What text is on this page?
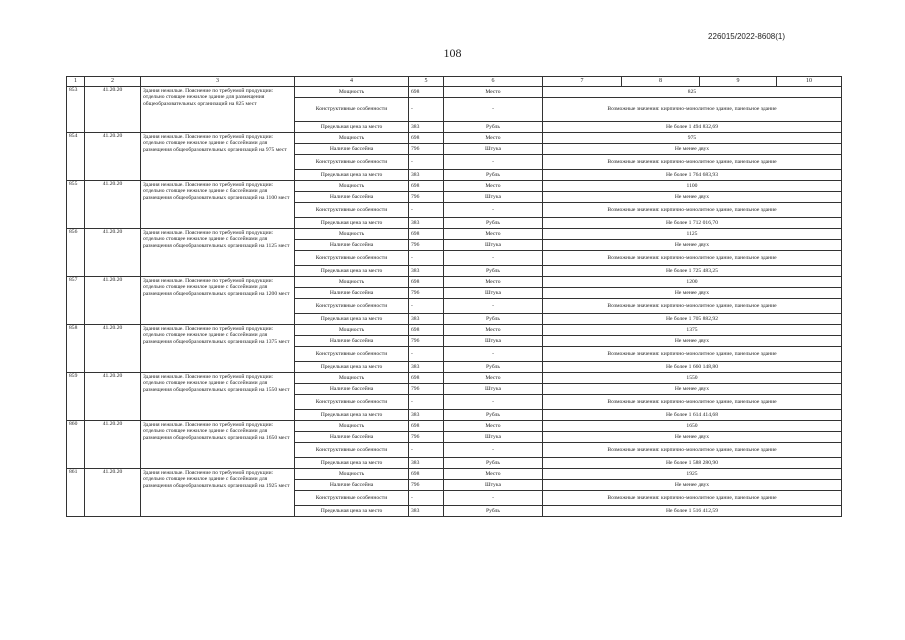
226015/2022-8608(1)
108
1	2	3	4	5	6	7	8	9	10	
853	41.20.20	Здания нежилые. Пояснение по требуемой продукции: отдельно стоящее нежилое здание для размещения общеобразовательных организаций на 825 мест	Мощность	698	Место	825				
			Конструктивные особенности	-	-	Возможные значения: кирпично-монолитное здание, панельное здание				
			Предельная цена за место	383	Рубль	Не более 1 494 832,69				
854	41.20.20	Здания нежилые. Пояснение по требуемой продукции: отдельно стоящее нежилое здание с бассейнами для размещения общеобразовательных организаций на 975 мест	Мощность	698	Место	975				
			Наличие бассейна	796	Штука	Не менее двух				
			Конструктивные особенности	-	-	Возможные значения: кирпично-монолитное здание, панельное здание				
			Предельная цена за место	383	Рубль	Не более 1 764 683,93				
855	41.20.20	Здания нежилые. Пояснение по требуемой продукции: отдельно стоящее нежилое здание с бассейнами для размещения общеобразовательных организаций на 1100 мест	Мощность	698	Место	1100				
			Наличие бассейна	796	Штука	Не менее двух				
			Конструктивные особенности	-	-	Возможные значения: кирпично-монолитное здание, панельное здание				
			Предельная цена за место	383	Рубль	Не более 1 712 016,70				
856	41.20.20	Здания нежилые. Пояснение по требуемой продукции: отдельно стоящее нежилое здание с бассейнами для размещения общеобразовательных организаций на 1125 мест	Мощность	698	Место	1125				
			Наличие бассейна	796	Штука	Не менее двух				
			Конструктивные особенности	-	-	Возможные значения: кирпично-монолитное здание, панельное здание				
			Предельная цена за место	383	Рубль	Не более 1 725 483,25				
857	41.20.20	Здания нежилые. Пояснение по требуемой продукции: отдельно стоящее нежилое здание с бассейнами для размещения общеобразовательных организаций на 1200 мест	Мощность	698	Место	1200				
			Наличие бассейна	796	Штука	Не менее двух				
			Конструктивные особенности	-	-	Возможные значения: кирпично-монолитное здание, панельное здание				
			Предельная цена за место	383	Рубль	Не более 1 705 882,92				
858	41.20.20	Здания нежилые. Пояснение по требуемой продукции: отдельно стоящее нежилое здание с бассейнами для размещения общеобразовательных организаций на 1375 мест	Мощность	698	Место	1375				
			Наличие бассейна	796	Штука	Не менее двух				
			Конструктивные особенности	-	-	Возможные значения: кирпично-монолитное здание, панельное здание				
			Предельная цена за место	383	Рубль	Не более 1 660 148,80				
859	41.20.20	Здания нежилые. Пояснение по требуемой продукции: отдельно стоящее нежилое здание с бассейнами для размещения общеобразовательных организаций на 1550 мест	Мощность	698	Место	1550				
			Наличие бассейна	796	Штука	Не менее двух				
			Конструктивные особенности	-	-	Возможные значения: кирпично-монолитное здание, панельное здание				
			Предельная цена за место	383	Рубль	Не более 1 614 414,68				
860	41.20.20	Здания нежилые. Пояснение по требуемой продукции: отдельно стоящее нежилое здание с бассейнами для размещения общеобразовательных организаций на 1650 мест	Мощность	698	Место	1650				
			Наличие бассейна	796	Штука	Не менее двух				
			Конструктивные особенности	-	-	Возможные значения: кирпично-монолитное здание, панельное здание				
			Предельная цена за место	383	Рубль	Не более 1 588 280,90				
861	41.20.20	Здания нежилые. Пояснение по требуемой продукции: отдельно стоящее нежилое здание с бассейнами для размещения общеобразовательных организаций на 1925 мест	Мощность	698	Место	1925				
			Наличие бассейна	796	Штука	Не менее двух				
			Конструктивные особенности	-	-	Возможные значения: кирпично-монолитное здание, панельное здание				
			Предельная цена за место	383	Рубль	Не более 1 516 412,59				
